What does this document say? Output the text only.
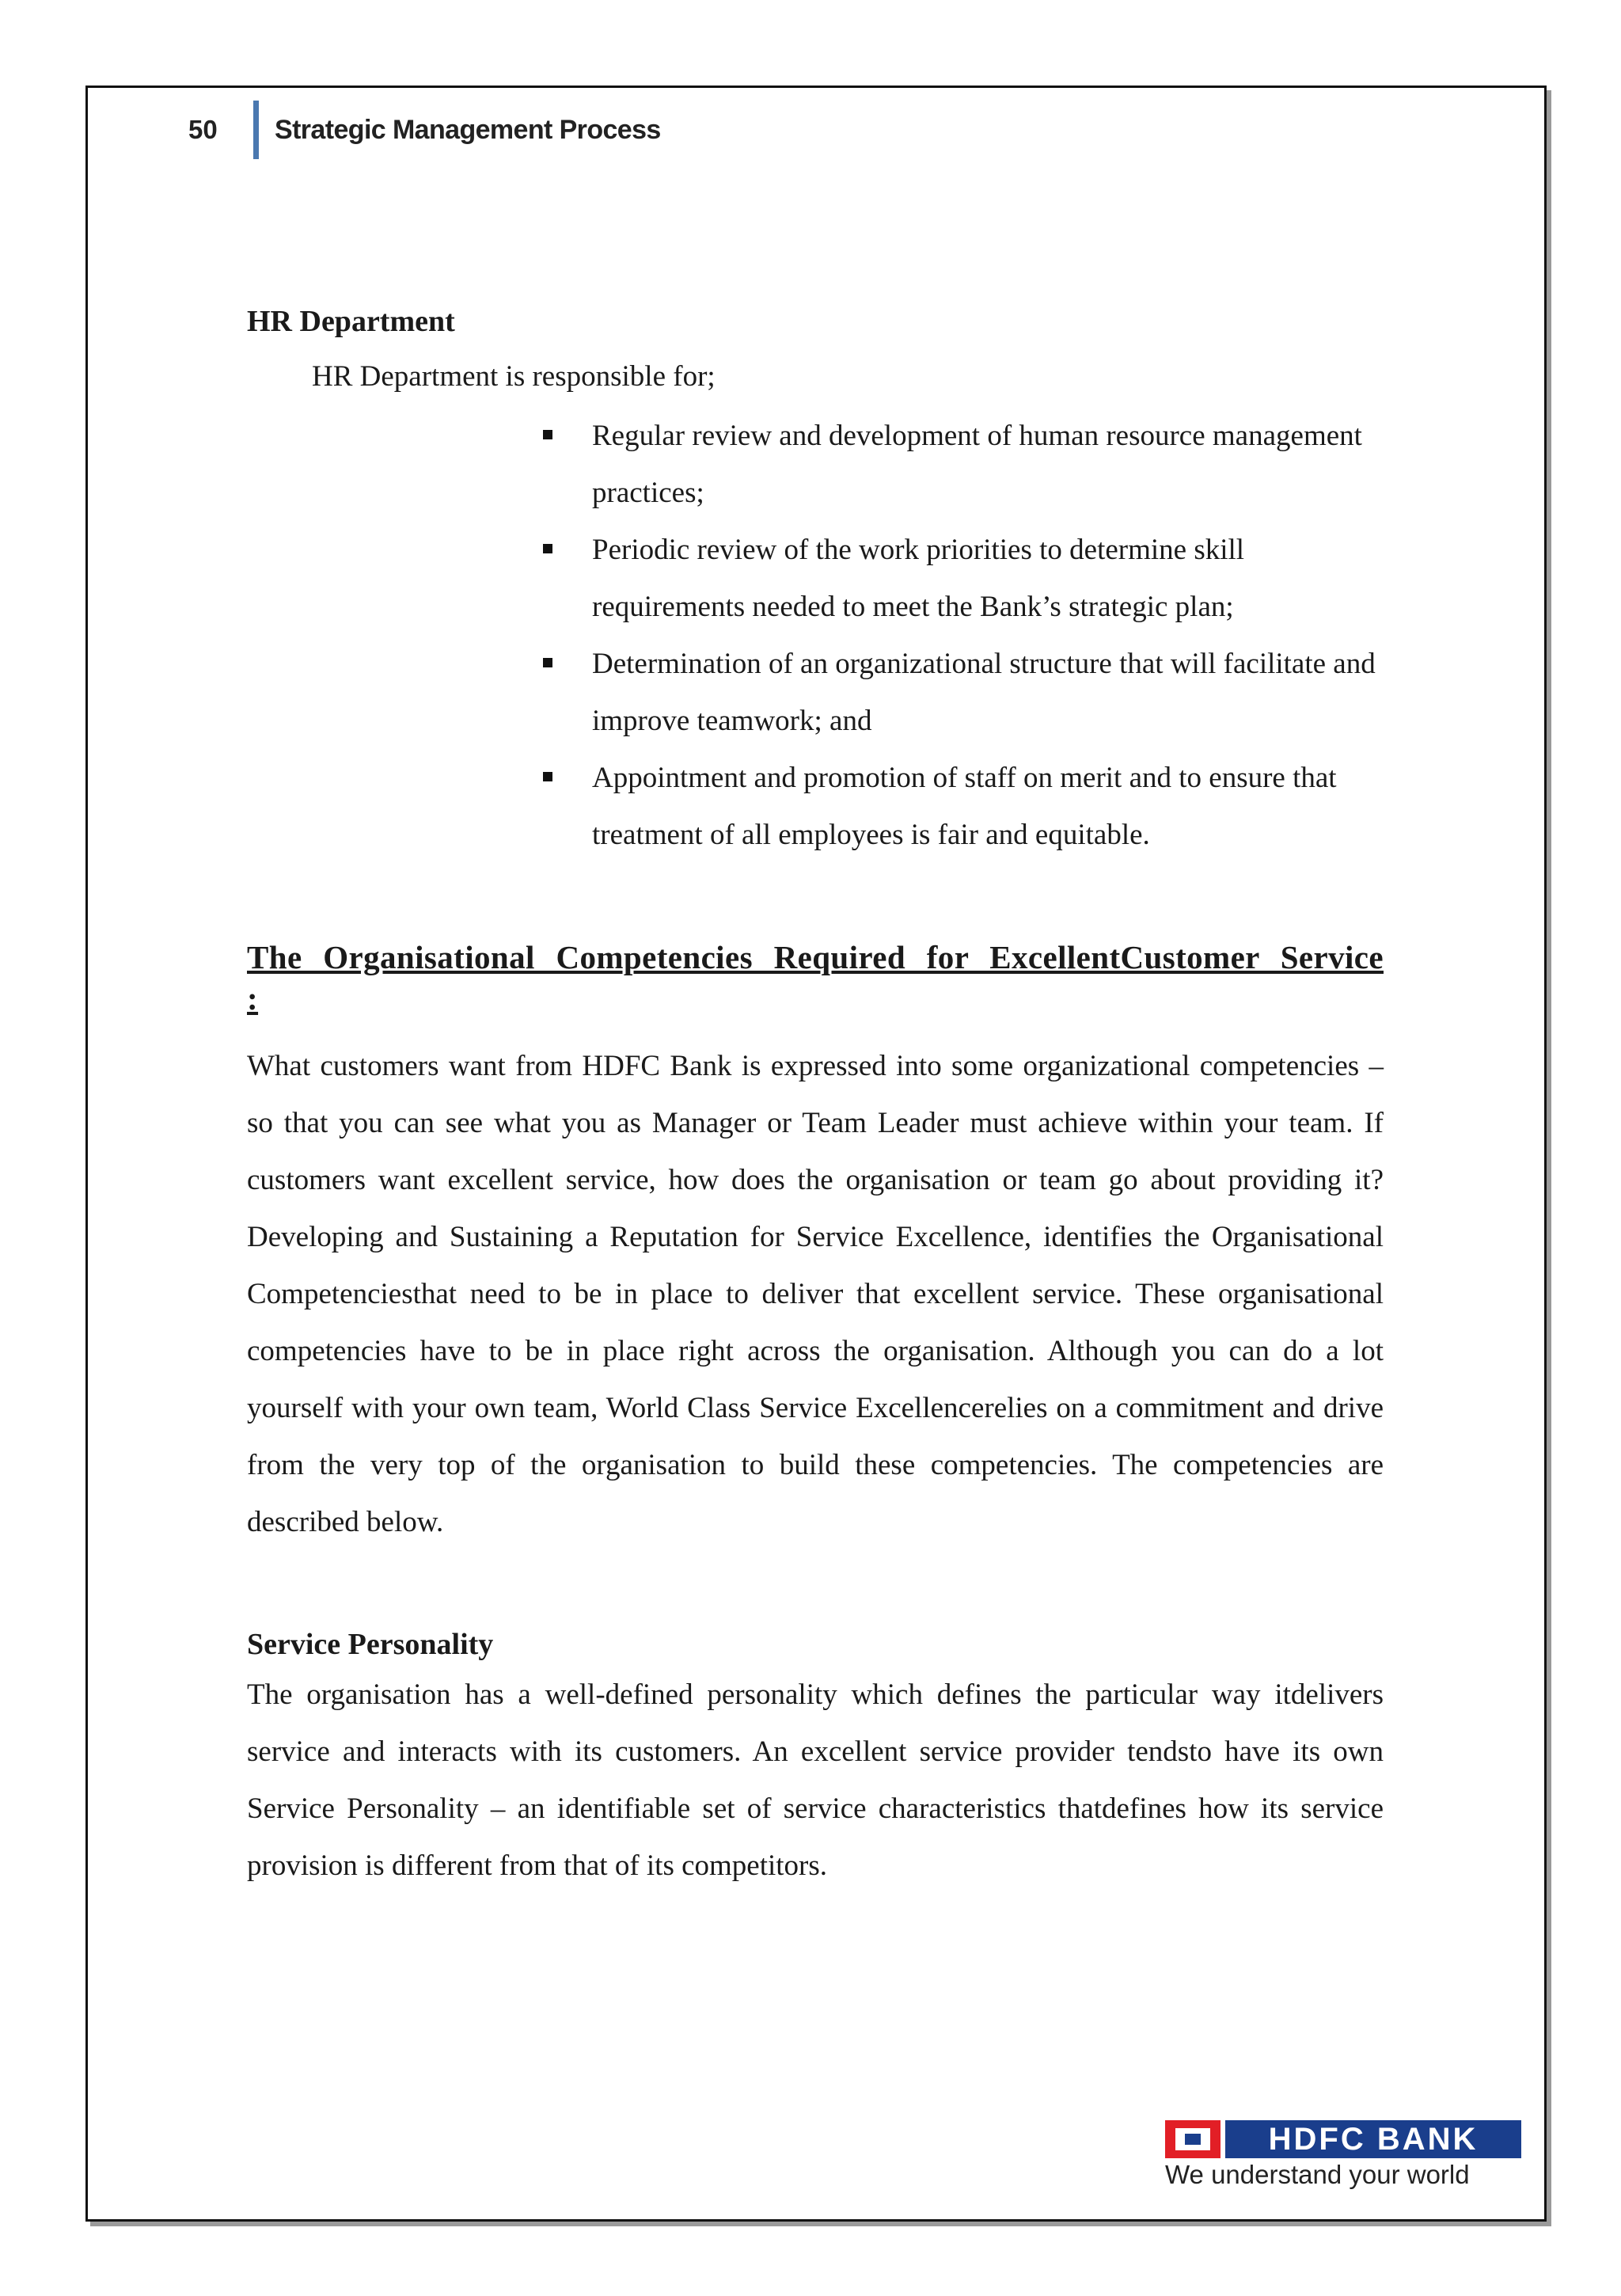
50	Strategic Management Process
HR Department
HR Department is responsible for;
Regular review and development of human resource management practices;
Periodic review of the work priorities to determine skill requirements needed to meet the Bank’s strategic plan;
Determination of an organizational structure that will facilitate and improve teamwork; and
Appointment and promotion of staff on merit and to ensure that treatment of all employees is fair and equitable.
The Organisational Competencies Required for ExcellentCustomer Service :
What customers want from HDFC Bank is expressed into some organizational competencies – so that you can see what you as Manager or Team Leader must achieve within your team. If customers want excellent service, how does the organisation or team go about providing it? Developing and Sustaining a Reputation for Service Excellence, identifies the Organisational Competenciesthat need to be in place to deliver that excellent service. These organisational competencies have to be in place right across the organisation. Although you can do a lot yourself with your own team, World Class Service Excellencerelies on a commitment and drive from the very top of the organisation to build these competencies. The competencies are described below.
Service Personality
The organisation has a well-defined personality which defines the particular way itdelivers service and interacts with its customers. An excellent service provider tendsto have its own Service Personality – an identifiable set of service characteristics thatdefines how its service provision is different from that of its competitors.
HDFC BANK
We understand your world
